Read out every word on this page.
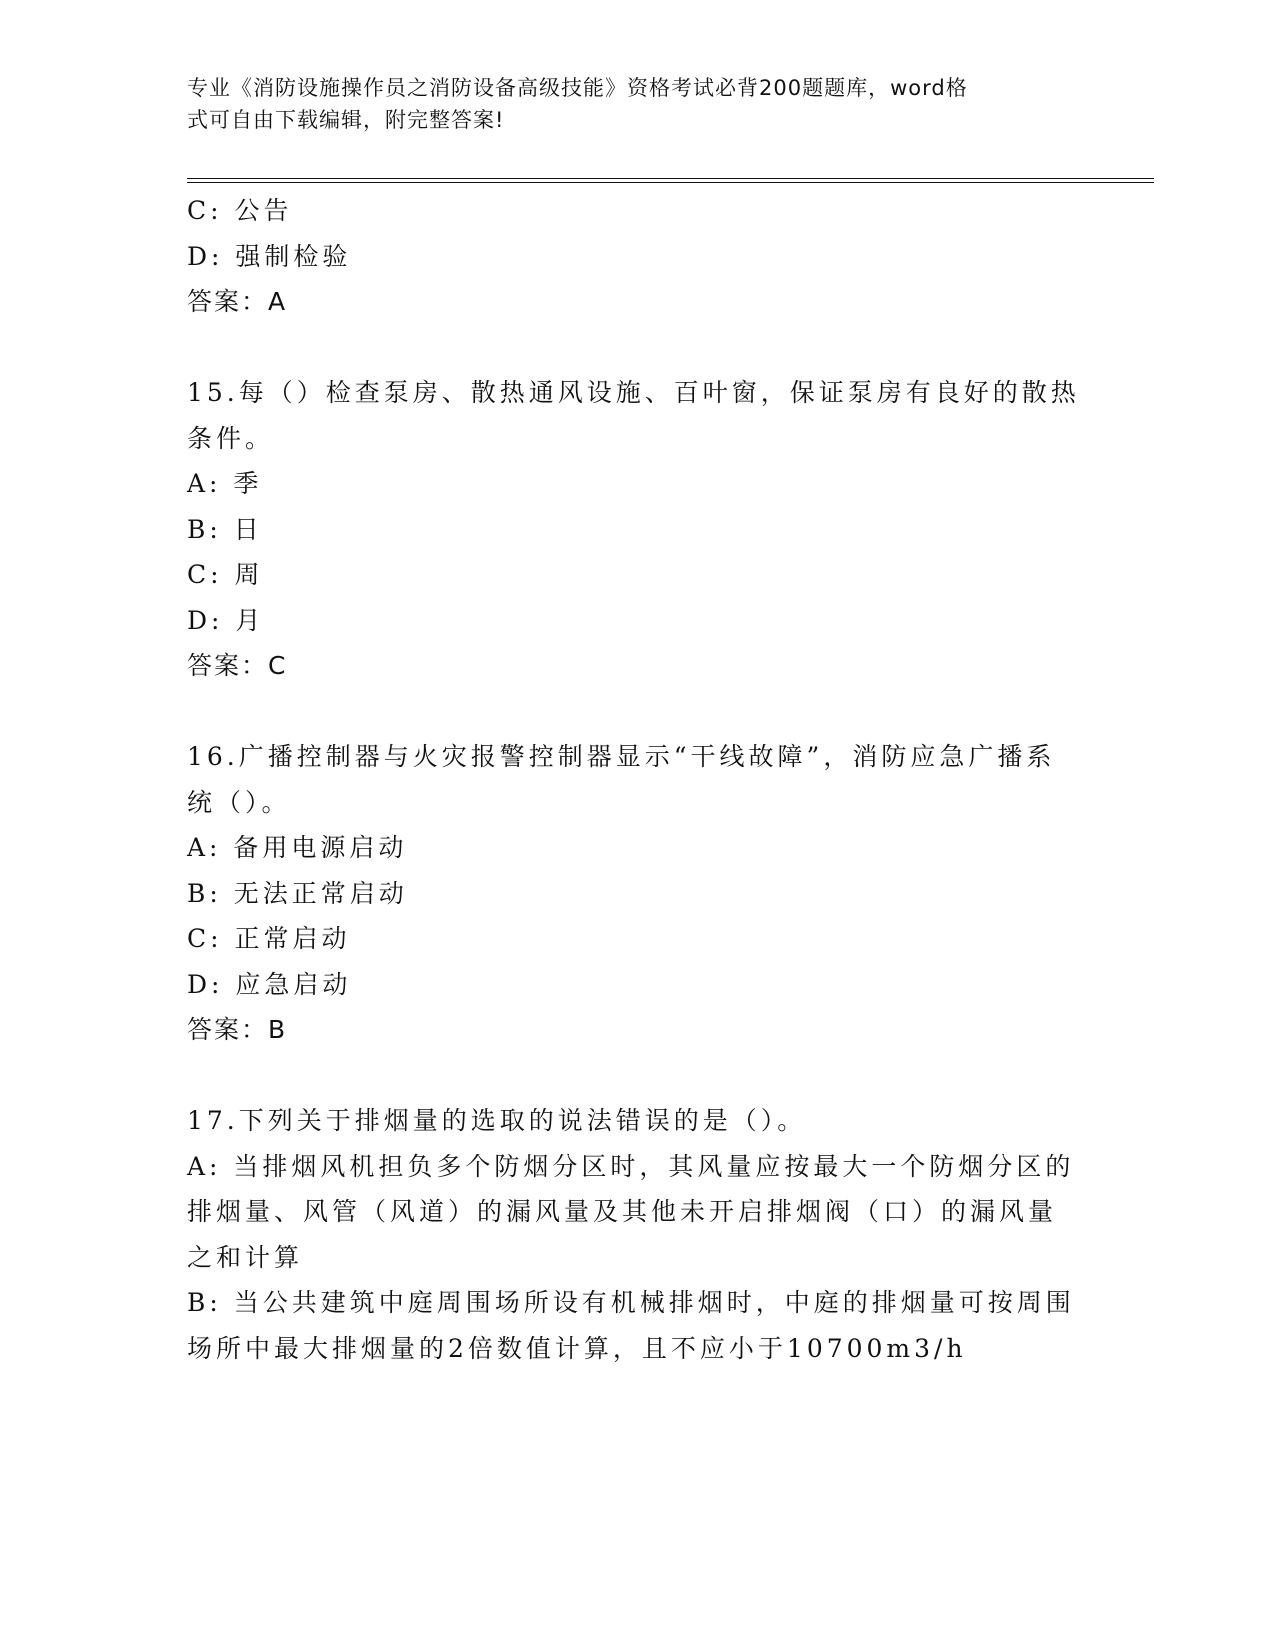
专业《消防设施操作员之消防设备高级技能》资格考试必背200题题库，word格
式可自由下载编辑，附完整答案!
C: 公告
D: 强制检验
答案：A
15.每（）检查泵房、散热通风设施、百叶窗，保证泵房有良好的散热
条件。
A: 季
B: 日
C: 周
D: 月
答案：C
16.广播控制器与火灾报警控制器显示“干线故障”，消防应急广播系
统（）。
A: 备用电源启动
B: 无法正常启动
C: 正常启动
D: 应急启动
答案：B
17.下列关于排烟量的选取的说法错误的是（）。
A: 当排烟风机担负多个防烟分区时，其风量应按最大一个防烟分区的
排烟量、风管（风道）的漏风量及其他未开启排烟阀（口）的漏风量
之和计算
B: 当公共建筑中庭周围场所设有机械排烟时，中庭的排烟量可按周围
场所中最大排烟量的2倍数值计算，且不应小于10700m3/h
